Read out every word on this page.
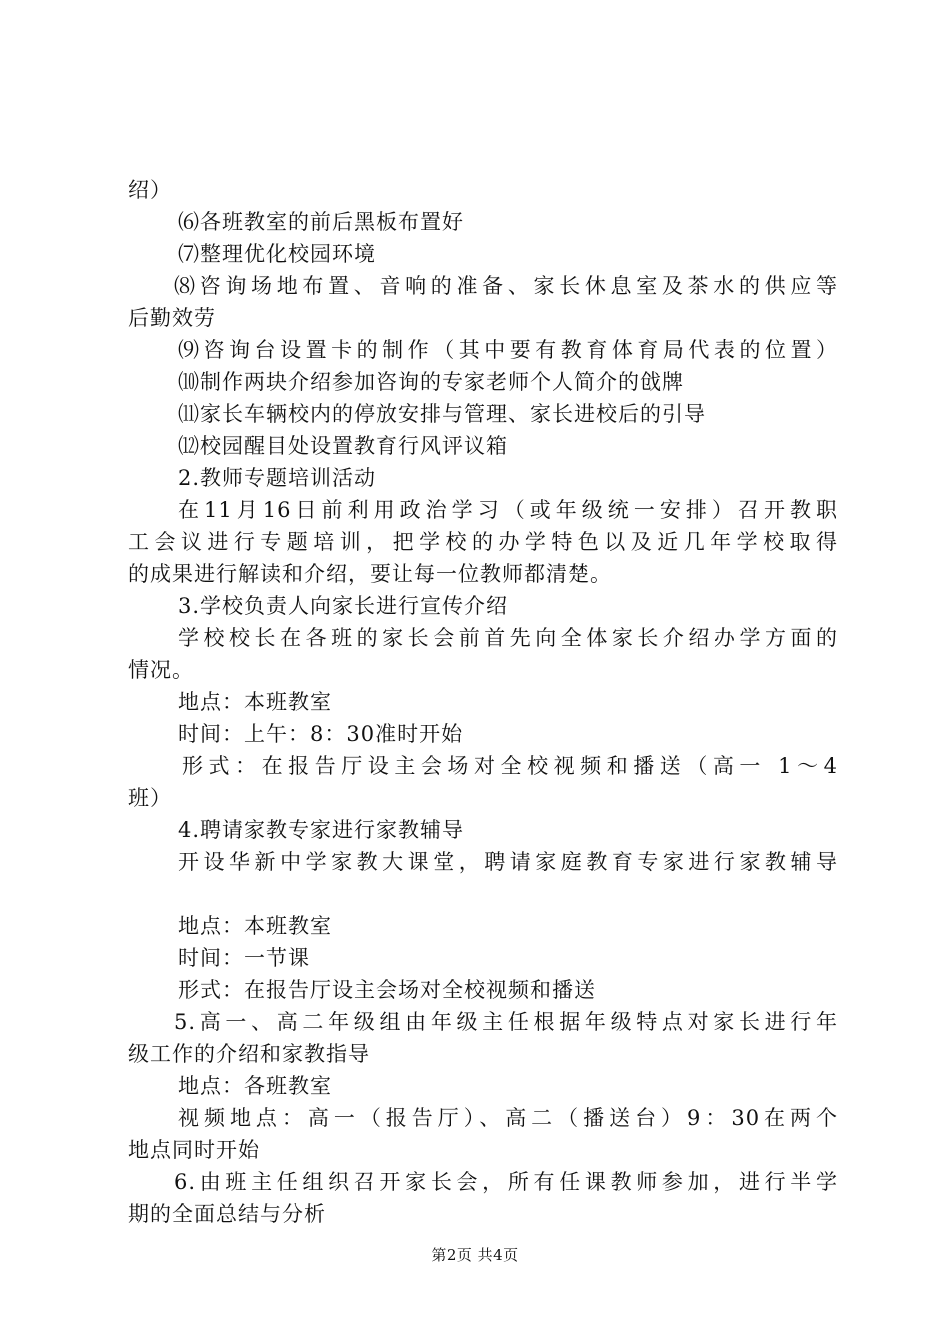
绍）
⑹各班教室的前后黑板布置好
⑺整理优化校园环境
⑻咨询场地布置、音响的准备、家长休息室及茶水的供应等
后勤效劳
⑼咨询台设置卡的制作（其中要有教育体育局代表的位置）
⑽制作两块介绍参加咨询的专家老师个人简介的戗牌
⑾家长车辆校内的停放安排与管理、家长进校后的引导
⑿校园醒目处设置教育行风评议箱
2.教师专题培训活动
在11月16日前利用政治学习（或年级统一安排）召开教职
工会议进行专题培训，把学校的办学特色以及近几年学校取得
的成果进行解读和介绍，要让每一位教师都清楚。
3.学校负责人向家长进行宣传介绍
学校校长在各班的家长会前首先向全体家长介绍办学方面的
情况。
地点：本班教室
时间：上午：8：30准时开始
形式：在报告厅设主会场对全校视频和播送（高一 1～4
班）
4.聘请家教专家进行家教辅导
开设华新中学家教大课堂，聘请家庭教育专家进行家教辅导
地点：本班教室
时间：一节课
形式：在报告厅设主会场对全校视频和播送
5.高一、高二年级组由年级主任根据年级特点对家长进行年
级工作的介绍和家教指导
地点：各班教室
视频地点：高一（报告厅）、高二（播送台）9：30在两个
地点同时开始
6.由班主任组织召开家长会，所有任课教师参加，进行半学
期的全面总结与分析
第2页 共4页
